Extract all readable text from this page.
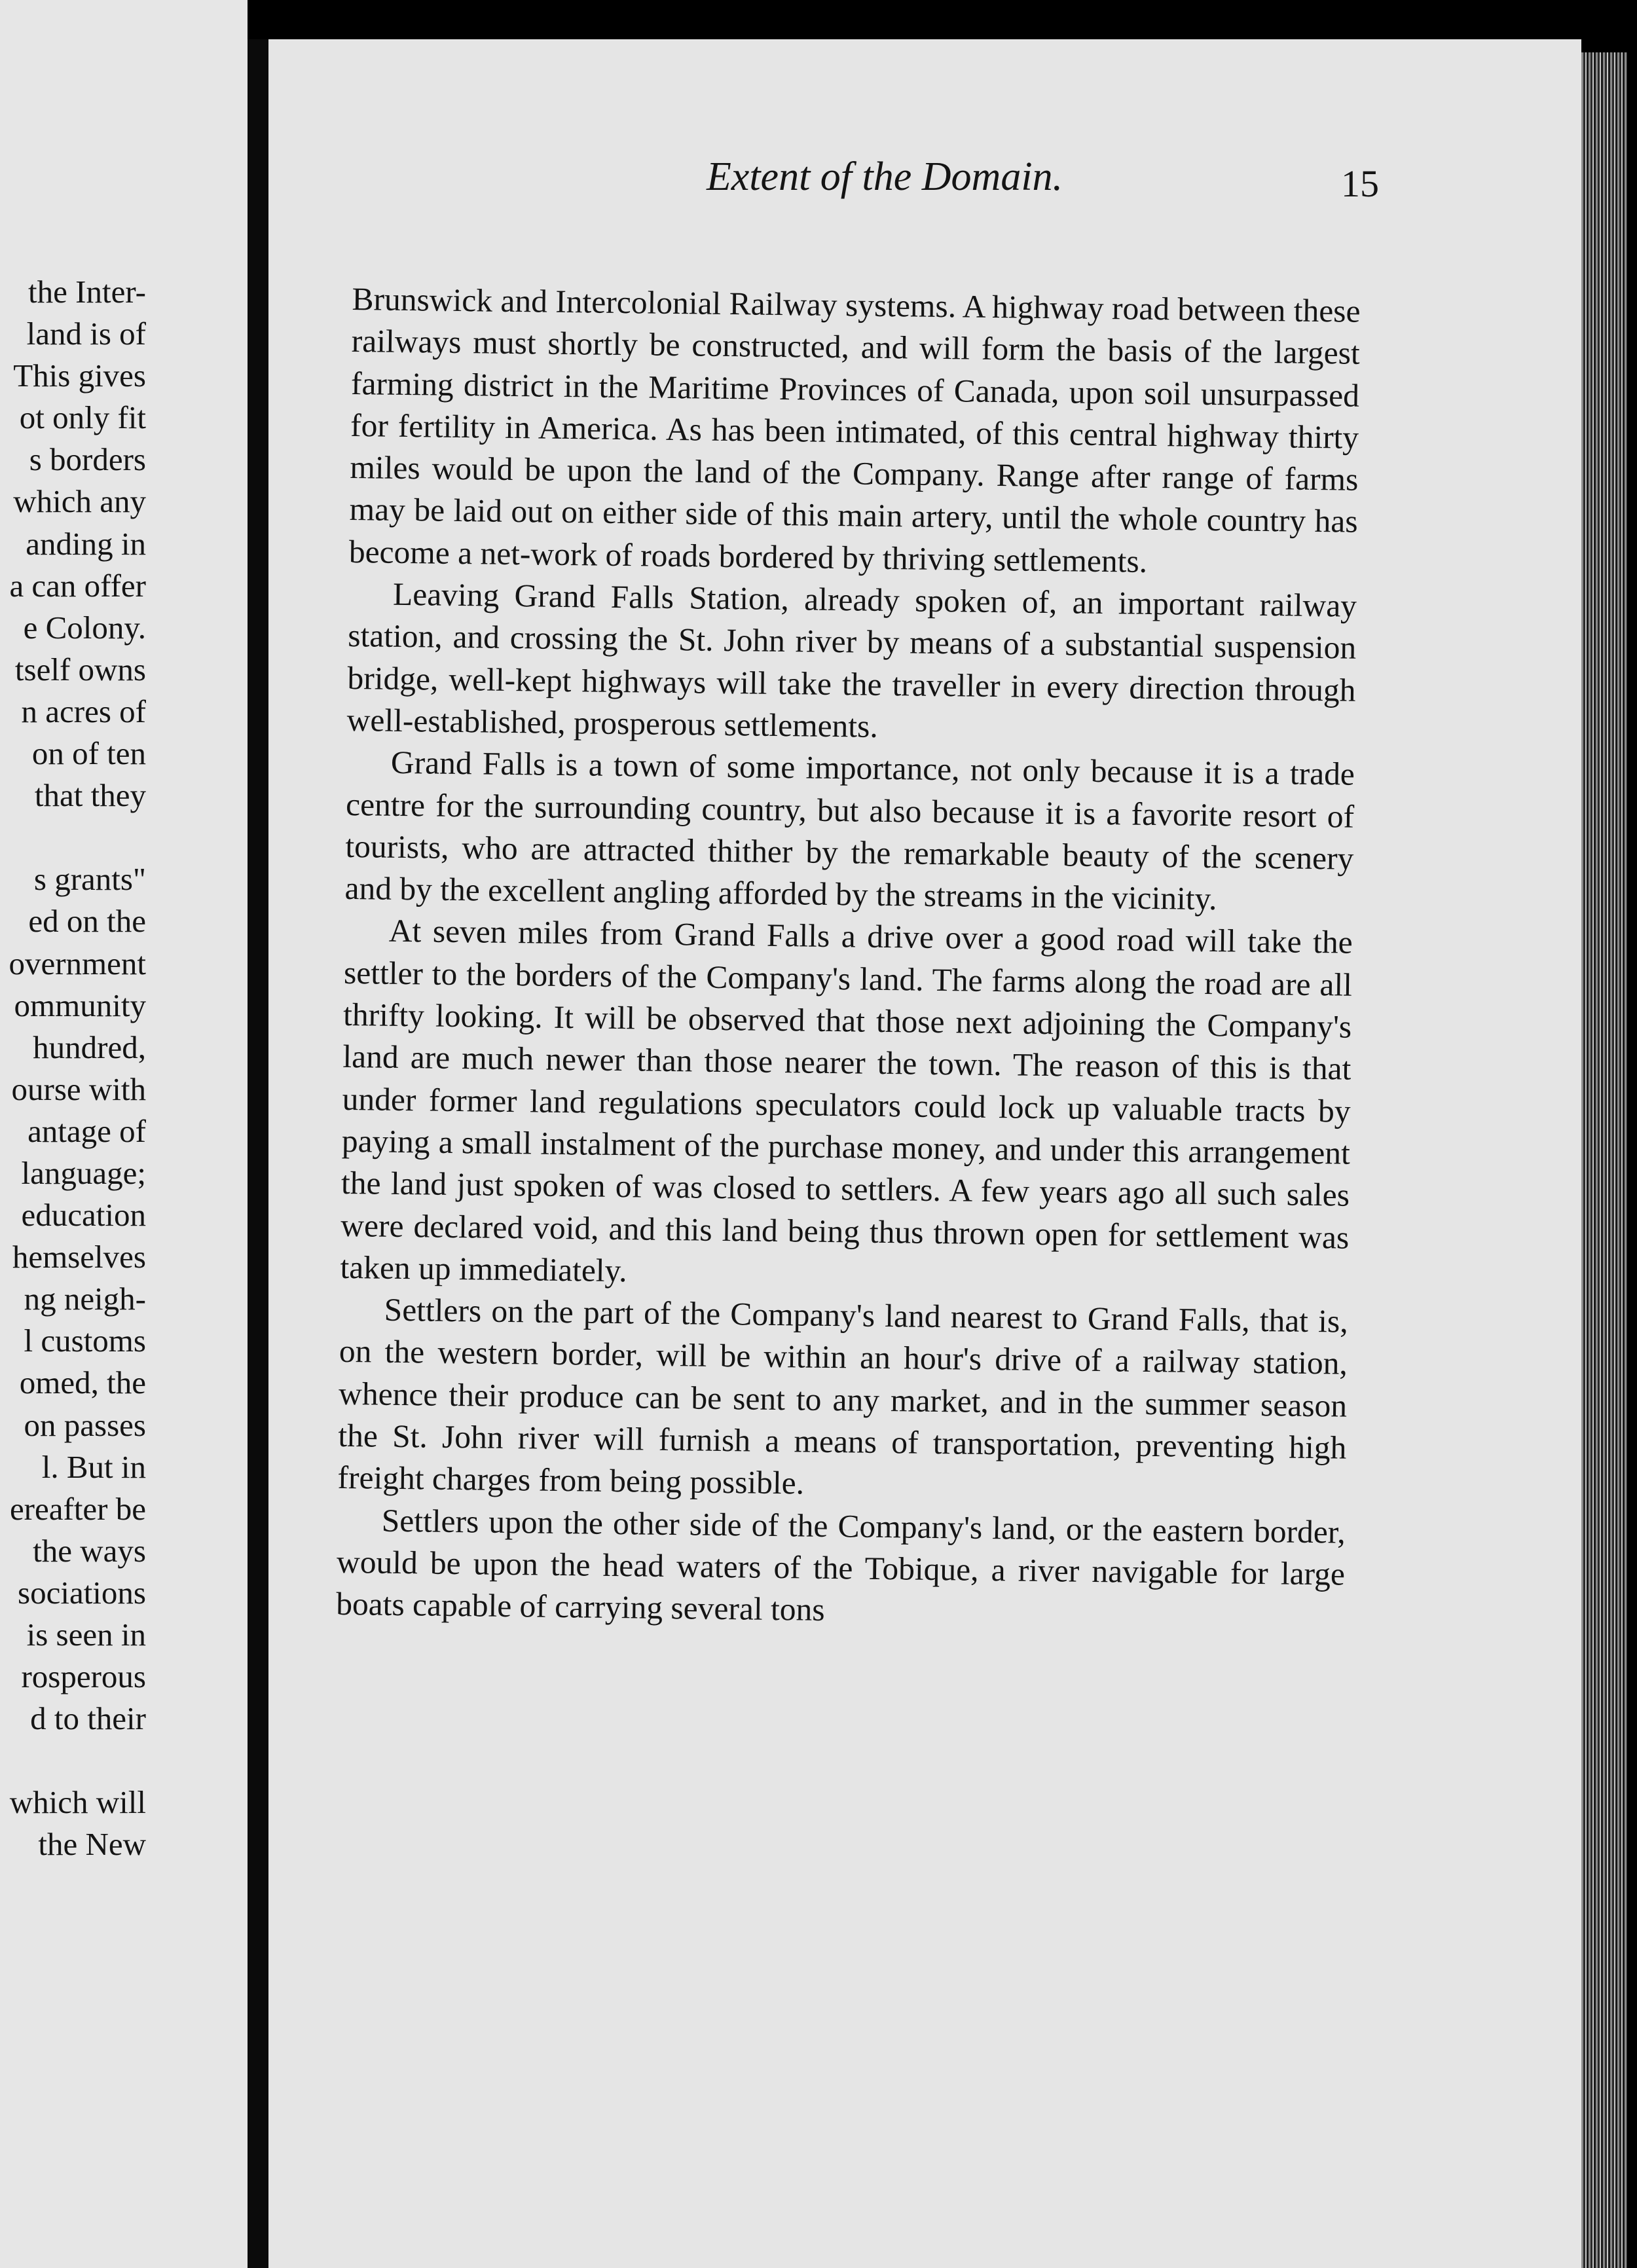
the Inter-
land is of
This gives
ot only fit
s borders
which any
anding in
a can offer
e Colony.
tself owns
n acres of
on of ten
that they
s grants"
ed on the
overnment
ommunity
hundred,
ourse with
antage of
language;
education
hemselves
ng neigh-
l customs
omed, the
on passes
l. But in
ereafter be
the ways
sociations
is seen in
rosperous
d to their
which will
the New
Extent of the Domain.	15

Brunswick and Intercolonial Railway systems. A highway road between these railways must shortly be constructed, and will form the basis of the largest farming district in the Maritime Provinces of Canada, upon soil unsurpassed for fertility in America. As has been intimated, of this central highway thirty miles would be upon the land of the Company. Range after range of farms may be laid out on either side of this main artery, until the whole country has become a net-work of roads bordered by thriving settlements.

Leaving Grand Falls Station, already spoken of, an important railway station, and crossing the St. John river by means of a substantial suspension bridge, well-kept highways will take the traveller in every direction through well-established, prosperous settlements.

Grand Falls is a town of some importance, not only because it is a trade centre for the surrounding country, but also because it is a favorite resort of tourists, who are attracted thither by the remarkable beauty of the scenery and by the excellent angling afforded by the streams in the vicinity.

At seven miles from Grand Falls a drive over a good road will take the settler to the borders of the Company's land. The farms along the road are all thrifty looking. It will be observed that those next adjoining the Company's land are much newer than those nearer the town. The reason of this is that under former land regulations speculators could lock up valuable tracts by paying a small instalment of the purchase money, and under this arrangement the land just spoken of was closed to settlers. A few years ago all such sales were declared void, and this land being thus thrown open for settlement was taken up immediately.

Settlers on the part of the Company's land nearest to Grand Falls, that is, on the western border, will be within an hour's drive of a railway station, whence their produce can be sent to any market, and in the summer season the St. John river will furnish a means of transportation, preventing high freight charges from being possible.

Settlers upon the other side of the Company's land, or the eastern border, would be upon the head waters of the Tobique, a river navigable for large boats capable of carrying several tons
